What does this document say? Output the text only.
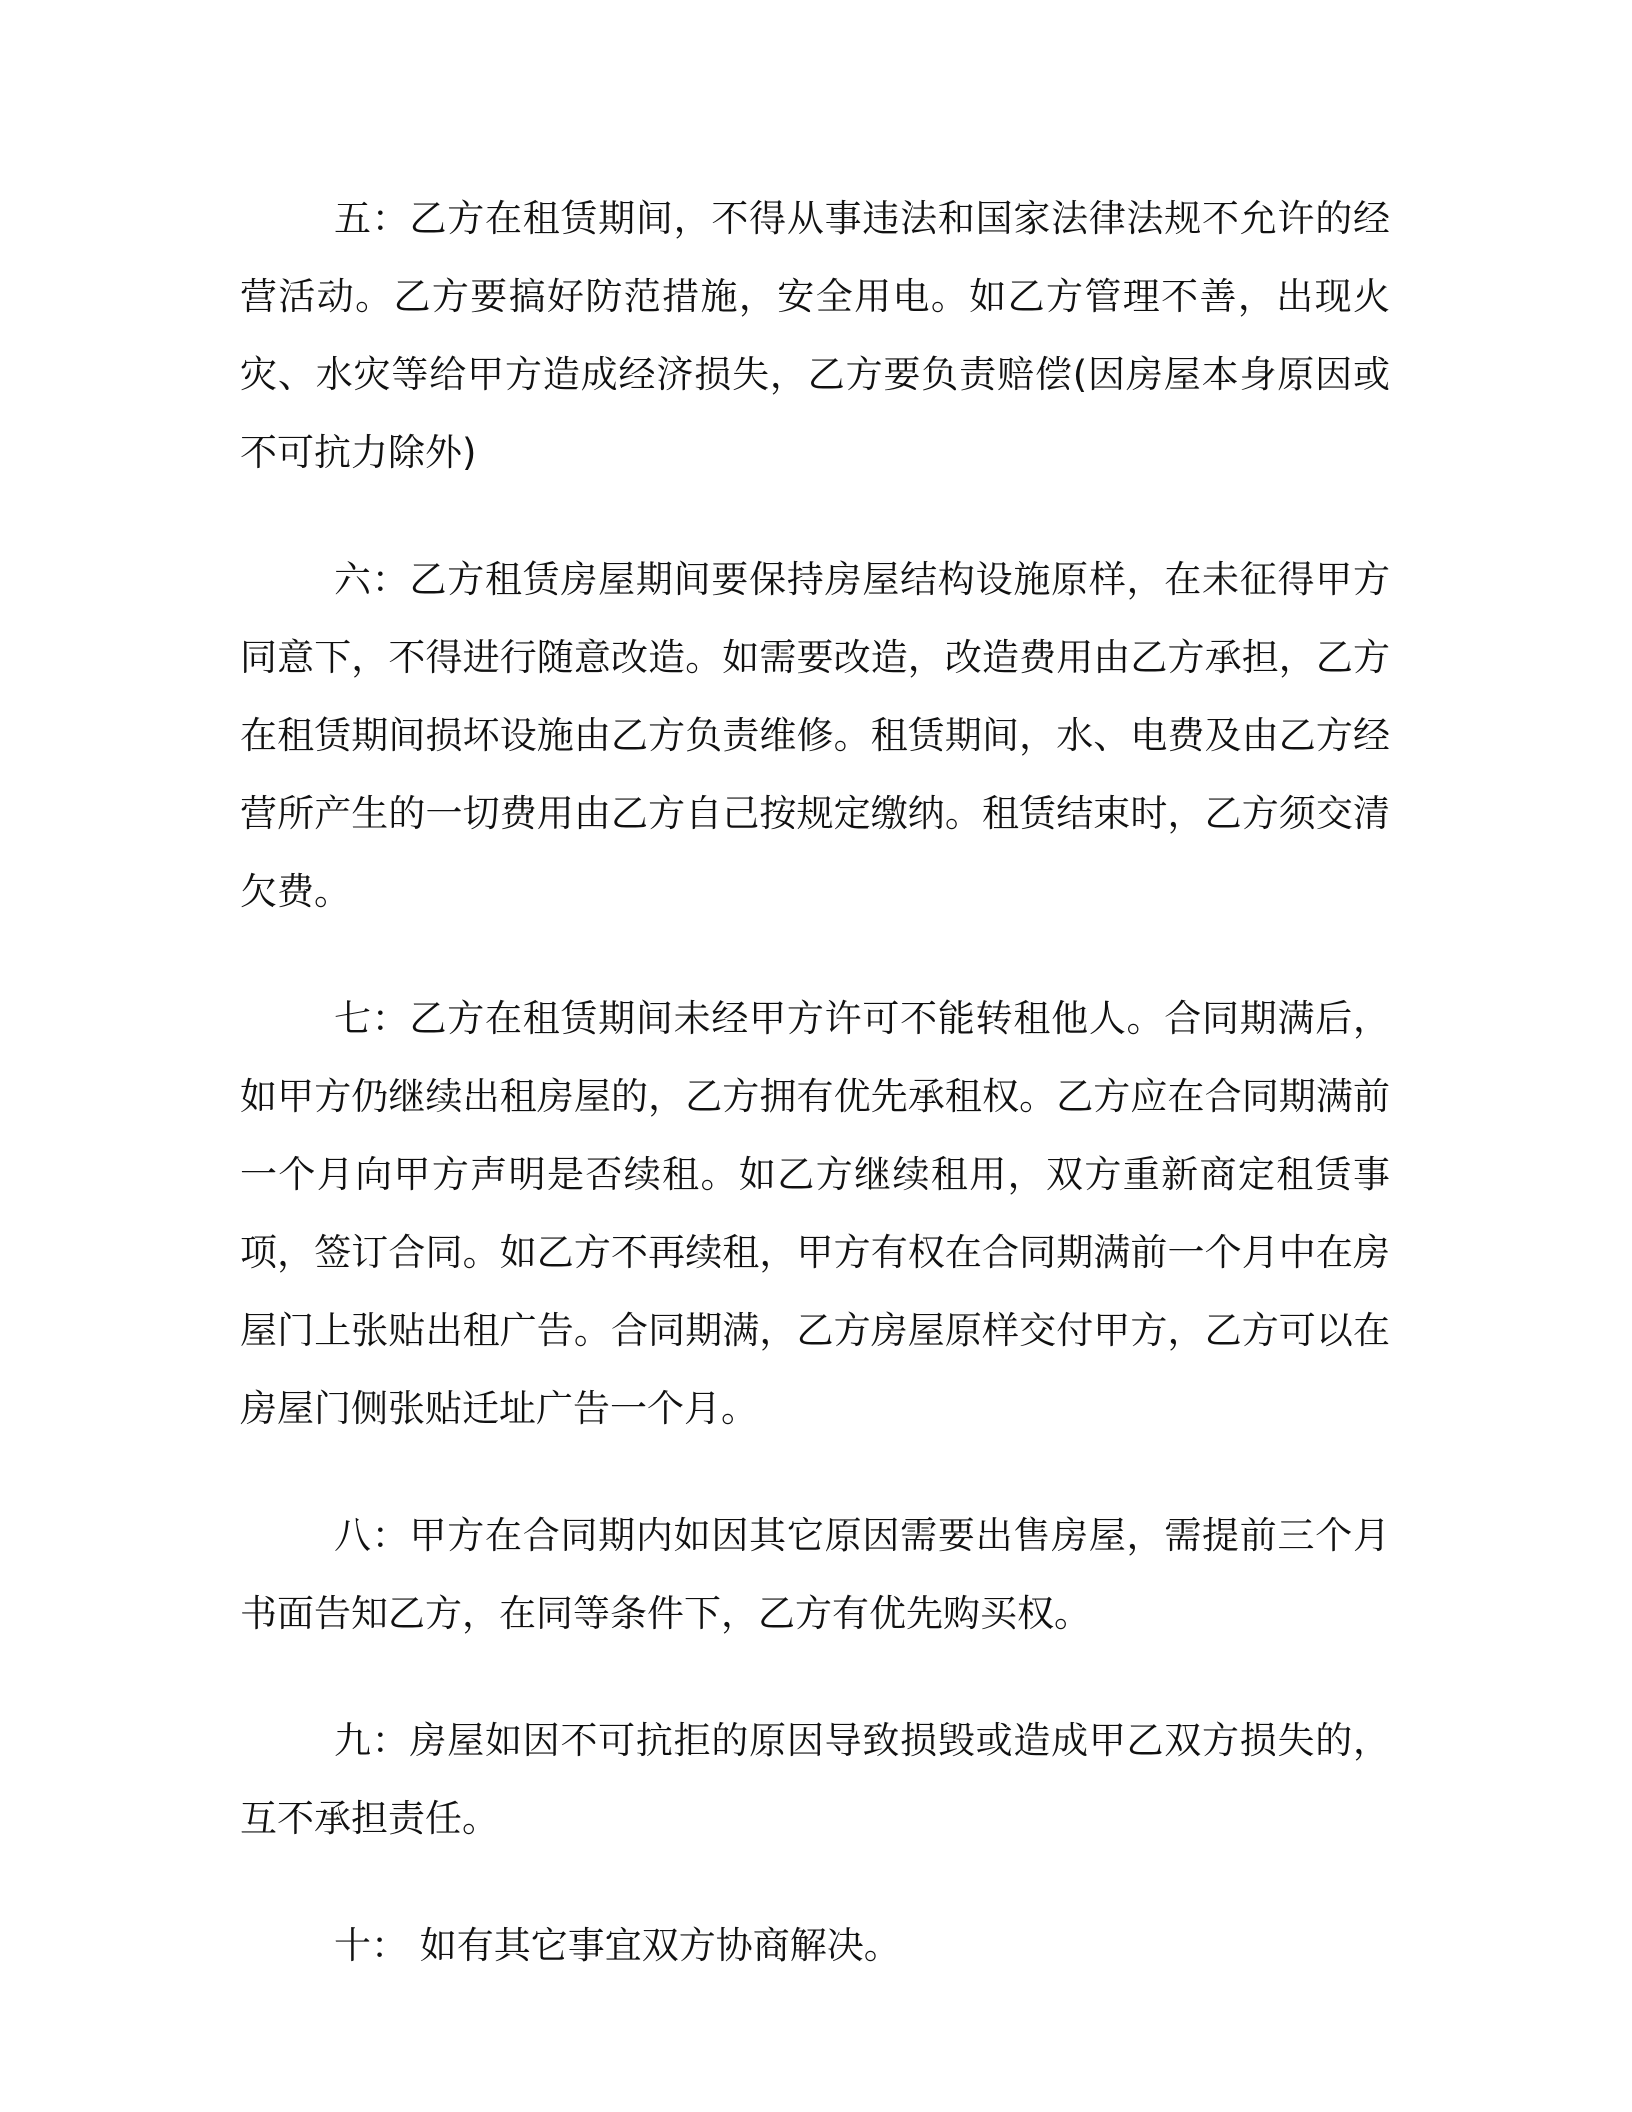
五：乙方在租赁期间，不得从事违法和国家法律法规不允许的经营活动。乙方要搞好防范措施，安全用电。如乙方管理不善，出现火灾、水灾等给甲方造成经济损失，乙方要负责赔偿(因房屋本身原因或不可抗力除外)

六：乙方租赁房屋期间要保持房屋结构设施原样，在未征得甲方同意下，不得进行随意改造。如需要改造，改造费用由乙方承担，乙方在租赁期间损坏设施由乙方负责维修。租赁期间，水、电费及由乙方经营所产生的一切费用由乙方自己按规定缴纳。租赁结束时，乙方须交清欠费。

七：乙方在租赁期间未经甲方许可不能转租他人。合同期满后，如甲方仍继续出租房屋的，乙方拥有优先承租权。乙方应在合同期满前一个月向甲方声明是否续租。如乙方继续租用，双方重新商定租赁事项，签订合同。如乙方不再续租，甲方有权在合同期满前一个月中在房屋门上张贴出租广告。合同期满，乙方房屋原样交付甲方，乙方可以在房屋门侧张贴迁址广告一个月。

八：甲方在合同期内如因其它原因需要出售房屋，需提前三个月书面告知乙方，在同等条件下，乙方有优先购买权。

九：房屋如因不可抗拒的原因导致损毁或造成甲乙双方损失的，互不承担责任。

十： 如有其它事宜双方协商解决。
